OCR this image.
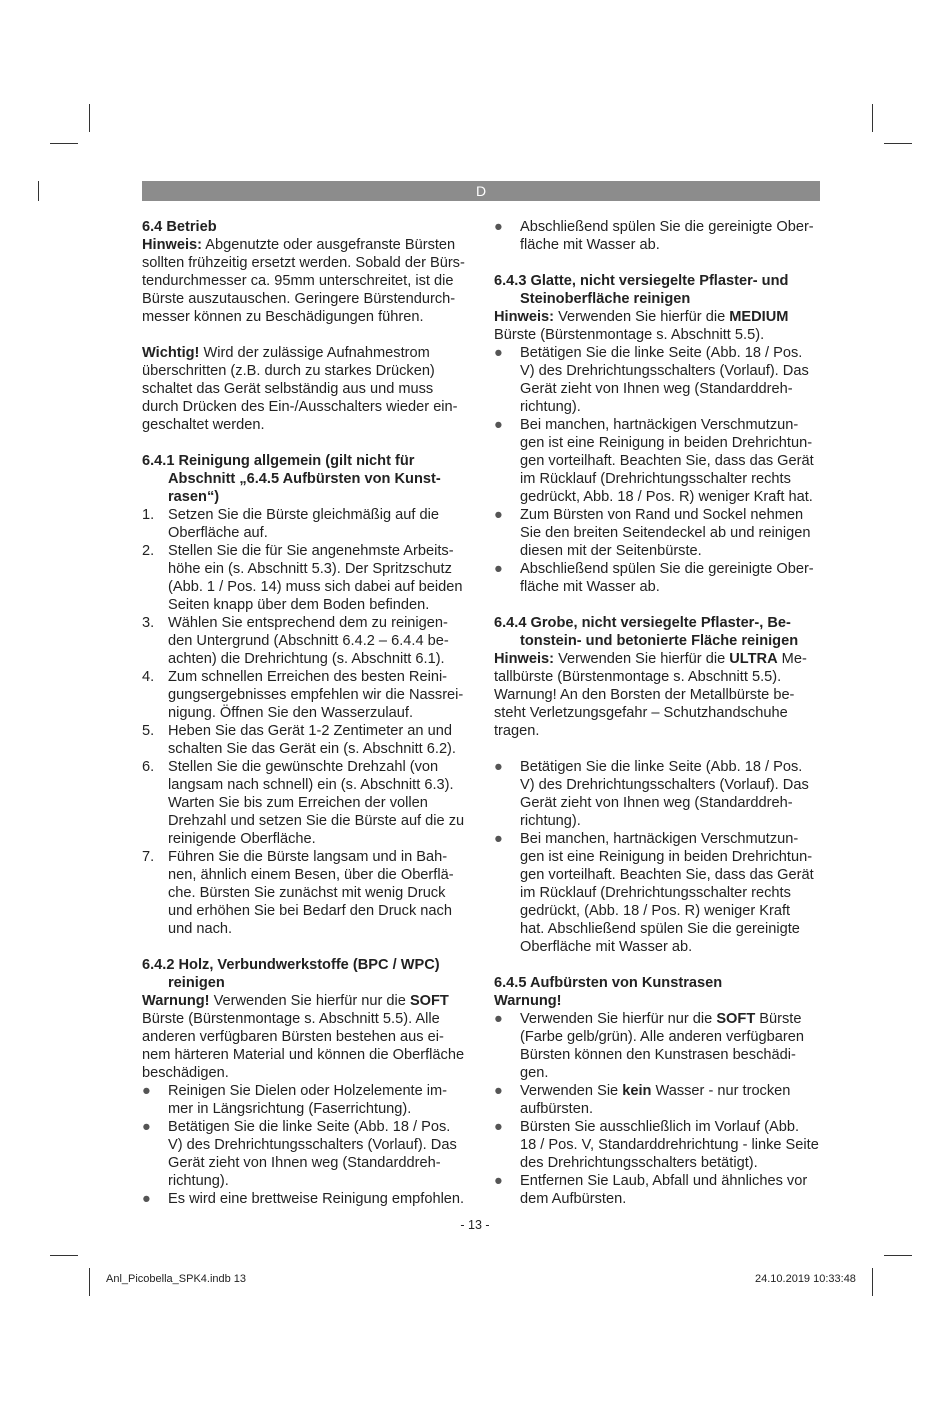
D

6.4 Betrieb

Hinweis: Abgenutzte oder ausgefranste Bürsten

sollten frühzeitig ersetzt werden. Sobald der Bürs-

tendurchmesser ca. 95mm unterschreitet, ist die

Bürste auszutauschen. Geringere Bürstendurch-

messer können zu Beschädigungen führen.

Wichtig! Wird der zulässige Aufnahmestrom

überschritten (z.B. durch zu starkes Drücken)

schaltet das Gerät selbständig aus und muss

durch Drücken des Ein-/Ausschalters wieder ein-

geschaltet werden.

6.4.1 Reinigung allgemein (gilt nicht für

Abschnitt „6.4.5 Aufbürsten von Kunst-

rasen“)

1. Setzen Sie die Bürste gleichmäßig auf die

Oberfläche auf.

2. Stellen Sie die für Sie angenehmste Arbeits-

höhe ein (s. Abschnitt 5.3). Der Spritzschutz

(Abb. 1 / Pos. 14) muss sich dabei auf beiden

Seiten knapp über dem Boden befinden.

3. Wählen Sie entsprechend dem zu reinigen-

den Untergrund (Abschnitt 6.4.2 – 6.4.4 be-

achten) die Drehrichtung (s. Abschnitt 6.1).

4. Zum schnellen Erreichen des besten Reini-

gungsergebnisses empfehlen wir die Nassrei-

nigung. Öffnen Sie den Wasserzulauf.

5. Heben Sie das Gerät 1-2 Zentimeter an und

schalten Sie das Gerät ein (s. Abschnitt 6.2).

6. Stellen Sie die gewünschte Drehzahl (von

langsam nach schnell) ein (s. Abschnitt 6.3).

Warten Sie bis zum Erreichen der vollen

Drehzahl und setzen Sie die Bürste auf die zu

reinigende Oberfläche.

7. Führen Sie die Bürste langsam und in Bah-

nen, ähnlich einem Besen, über die Oberflä-

che. Bürsten Sie zunächst mit wenig Druck

und erhöhen Sie bei Bedarf den Druck nach

und nach.

6.4.2 Holz, Verbundwerkstoffe (BPC / WPC)

reinigen

Warnung! Verwenden Sie hierfür nur die SOFT

Bürste (Bürstenmontage s. Abschnitt 5.5). Alle

anderen verfügbaren Bürsten bestehen aus ei-

nem härteren Material und können die Oberfläche

beschädigen.

● Reinigen Sie Dielen oder Holzelemente im-

mer in Längsrichtung (Faserrichtung).

● Betätigen Sie die linke Seite (Abb. 18 / Pos.

V) des Drehrichtungsschalters (Vorlauf). Das

Gerät zieht von Ihnen weg (Standarddreh-

richtung).

● Es wird eine brettweise Reinigung empfohlen.

● Abschließend spülen Sie die gereinigte Ober-

fläche mit Wasser ab.

6.4.3 Glatte, nicht versiegelte Pflaster- und

Steinoberfläche reinigen

Hinweis: Verwenden Sie hierfür die MEDIUM

Bürste (Bürstenmontage s. Abschnitt 5.5).

● Betätigen Sie die linke Seite (Abb. 18 / Pos.

V) des Drehrichtungsschalters (Vorlauf). Das

Gerät zieht von Ihnen weg (Standarddreh-

richtung).

● Bei manchen, hartnäckigen Verschmutzun-

gen ist eine Reinigung in beiden Drehrichtun-

gen vorteilhaft. Beachten Sie, dass das Gerät

im Rücklauf (Drehrichtungsschalter rechts

gedrückt, Abb. 18 / Pos. R) weniger Kraft hat.

● Zum Bürsten von Rand und Sockel nehmen

Sie den breiten Seitendeckel ab und reinigen

diesen mit der Seitenbürste.

● Abschließend spülen Sie die gereinigte Ober-

fläche mit Wasser ab.

6.4.4 Grobe, nicht versiegelte Pflaster-, Be-

tonstein- und betonierte Fläche reinigen

Hinweis: Verwenden Sie hierfür die ULTRA Me-

tallbürste (Bürstenmontage s. Abschnitt 5.5).

Warnung! An den Borsten der Metallbürste be-

steht Verletzungsgefahr – Schutzhandschuhe

tragen.

● Betätigen Sie die linke Seite (Abb. 18 / Pos.

V) des Drehrichtungsschalters (Vorlauf). Das

Gerät zieht von Ihnen weg (Standarddreh-

richtung).

● Bei manchen, hartnäckigen Verschmutzun-

gen ist eine Reinigung in beiden Drehrichtun-

gen vorteilhaft. Beachten Sie, dass das Gerät

im Rücklauf (Drehrichtungsschalter rechts

gedrückt, (Abb. 18 / Pos. R) weniger Kraft

hat. Abschließend spülen Sie die gereinigte

Oberfläche mit Wasser ab.

6.4.5 Aufbürsten von Kunstrasen

Warnung!

● Verwenden Sie hierfür nur die SOFT Bürste

(Farbe gelb/grün). Alle anderen verfügbaren

Bürsten können den Kunstrasen beschädi-

gen.

● Verwenden Sie kein Wasser - nur trocken

aufbürsten.

● Bürsten Sie ausschließlich im Vorlauf (Abb.

18 / Pos. V, Standarddrehrichtung - linke Seite

des Drehrichtungsschalters betätigt).

● Entfernen Sie Laub, Abfall und ähnliches vor

dem Aufbürsten.

- 13 -
Anl_Picobella_SPK4.indb 13	24.10.2019 10:33:48
